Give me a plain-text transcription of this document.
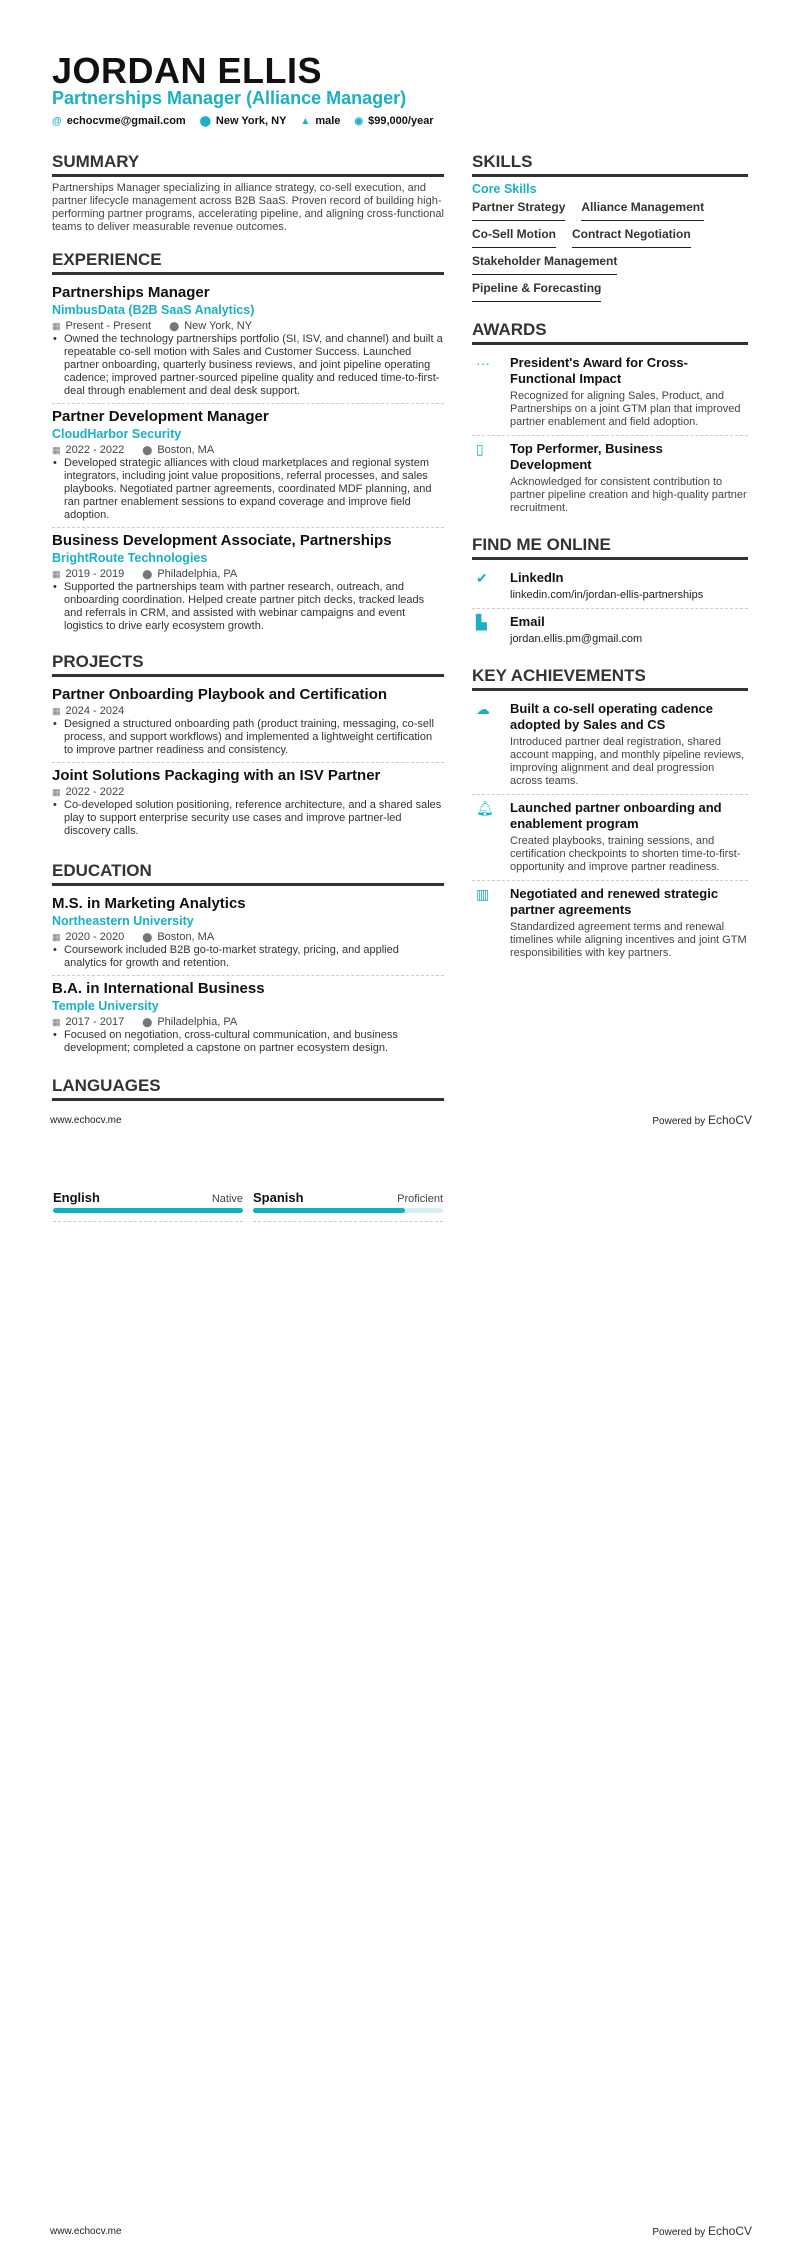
JORDAN ELLIS
Partnerships Manager (Alliance Manager)
@ echocvme@gmail.com ⬤ New York, NY ▲ male ◉ $99,000/year
SUMMARY
Partnerships Manager specializing in alliance strategy, co-sell execution, and partner lifecycle management across B2B SaaS. Proven record of building high-performing partner programs, accelerating pipeline, and aligning cross-functional teams to deliver measurable revenue outcomes.
EXPERIENCE
Partnerships Manager
NimbusData (B2B SaaS Analytics)
▦ Present - Present ⬤ New York, NY
• Owned the technology partnerships portfolio (SI, ISV, and channel) and built a repeatable co-sell motion with Sales and Customer Success. Launched partner onboarding, quarterly business reviews, and joint pipeline operating cadence; improved partner-sourced pipeline quality and reduced time-to-first-deal through enablement and deal desk support.
Partner Development Manager
CloudHarbor Security
▦ 2022 - 2022 ⬤ Boston, MA
• Developed strategic alliances with cloud marketplaces and regional system integrators, including joint value propositions, referral processes, and sales playbooks. Negotiated partner agreements, coordinated MDF planning, and ran partner enablement sessions to expand coverage and improve field adoption.
Business Development Associate, Partnerships
BrightRoute Technologies
▦ 2019 - 2019 ⬤ Philadelphia, PA
• Supported the partnerships team with partner research, outreach, and onboarding coordination. Helped create partner pitch decks, tracked leads and referrals in CRM, and assisted with webinar campaigns and event logistics to drive early ecosystem growth.
PROJECTS
Partner Onboarding Playbook and Certification
▦ 2024 - 2024
• Designed a structured onboarding path (product training, messaging, co-sell process, and support workflows) and implemented a lightweight certification to improve partner readiness and consistency.
Joint Solutions Packaging with an ISV Partner
▦ 2022 - 2022
• Co-developed solution positioning, reference architecture, and a shared sales play to support enterprise security use cases and improve partner-led discovery calls.
EDUCATION
M.S. in Marketing Analytics
Northeastern University
▦ 2020 - 2020 ⬤ Boston, MA
• Coursework included B2B go-to-market strategy, pricing, and applied analytics for growth and retention.
B.A. in International Business
Temple University
▦ 2017 - 2017 ⬤ Philadelphia, PA
• Focused on negotiation, cross-cultural communication, and business development; completed a capstone on partner ecosystem design.
LANGUAGES
SKILLS
Core Skills
Partner Strategy Alliance Management
Co-Sell Motion Contract Negotiation
Stakeholder Management
Pipeline & Forecasting
AWARDS
···	President's Award for Cross-Functional Impact
Recognized for aligning Sales, Product, and Partnerships on a joint GTM plan that improved partner enablement and field adoption.
▯	Top Performer, Business Development
Acknowledged for consistent contribution to partner pipeline creation and high-quality partner recruitment.
FIND ME ONLINE
✔	LinkedIn
linkedin.com/in/jordan-ellis-partnerships
▙	Email
jordan.ellis.pm@gmail.com
KEY ACHIEVEMENTS
☁	Built a co-sell operating cadence adopted by Sales and CS
Introduced partner deal registration, shared account mapping, and monthly pipeline reviews, improving alignment and deal progression across teams.
🔔︎	Launched partner onboarding and enablement program
Created playbooks, training sessions, and certification checkpoints to shorten time-to-first-opportunity and improve partner readiness.
▥	Negotiated and renewed strategic partner agreements
Standardized agreement terms and renewal timelines while aligning incentives and joint GTM responsibilities with key partners.
www.echocv.me	Powered by EchoCV
English	Native Spanish	Proficient
www.echocv.me	Powered by EchoCV
